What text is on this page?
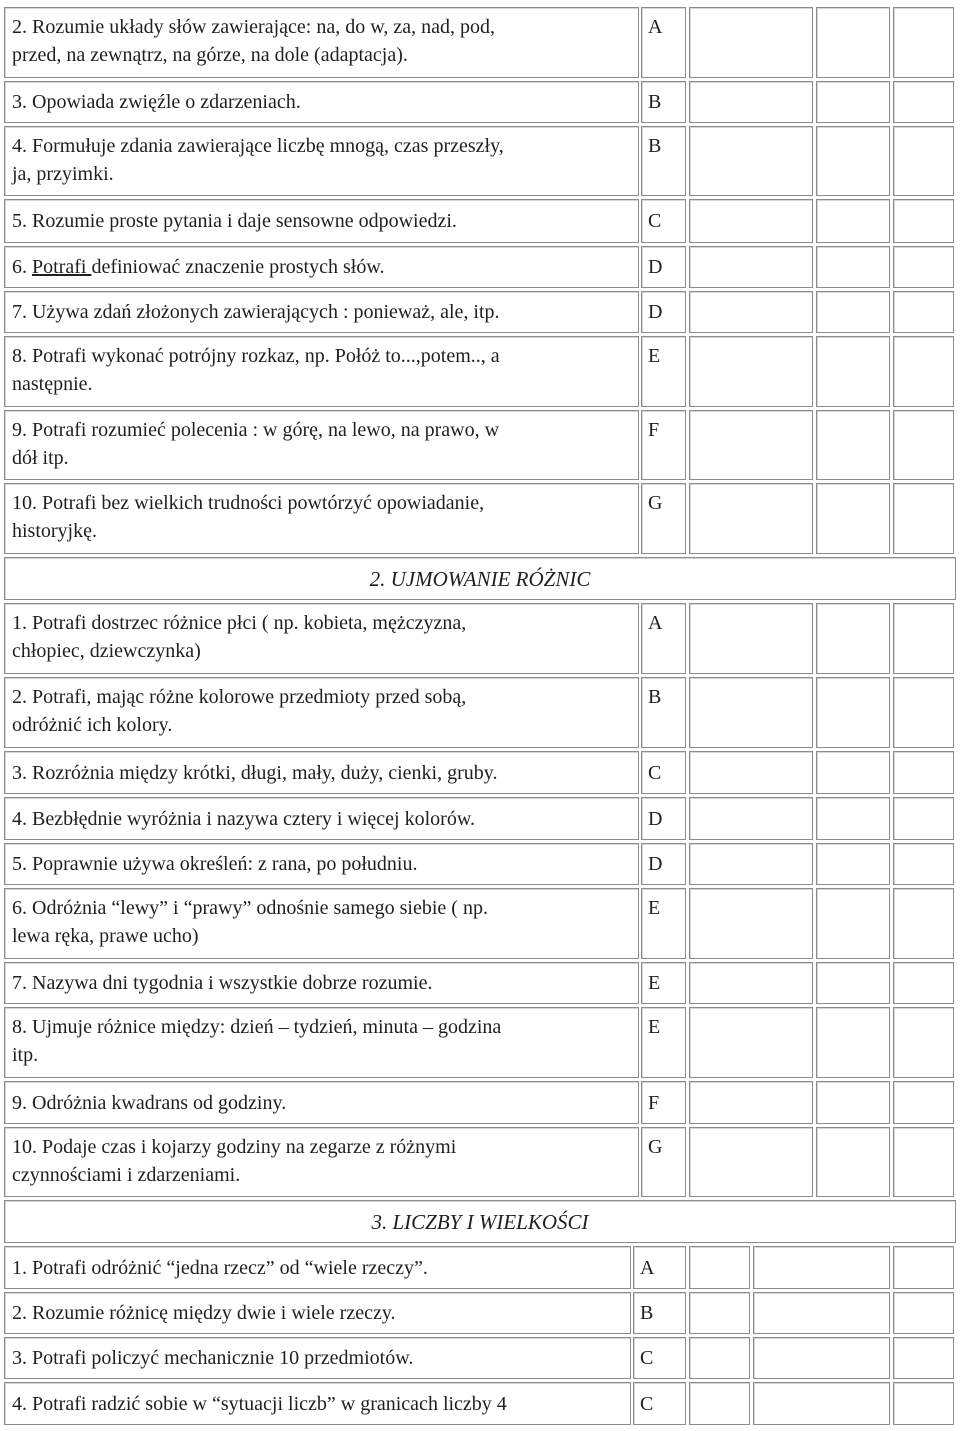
2. Rozumie układy słów zawierające: na, do w, za, nad, pod,
przed, na zewnątrz, na górze, na dole (adaptacja).
A
3. Opowiada zwięźle o zdarzeniach.	B
4. Formułuje zdania zawierające liczbę mnogą, czas przeszły,
ja, przyimki.
B
5. Rozumie proste pytania i daje sensowne odpowiedzi.	C
6. Potrafi definiować znaczenie prostych słów.	D
7. Używa zdań złożonych zawierających : ponieważ, ale, itp.	D
8. Potrafi wykonać potrójny rozkaz, np. Połóż to...,potem.., a
następnie.
E
9. Potrafi rozumieć polecenia : w górę, na lewo, na prawo, w
dół itp.
F
10. Potrafi bez wielkich trudności powtórzyć opowiadanie,
historyjkę.
G
2. UJMOWANIE RÓŻNIC
1. Potrafi dostrzec różnice płci ( np. kobieta, mężczyzna,
chłopiec, dziewczynka)
A
2. Potrafi, mając różne kolorowe przedmioty przed sobą,
odróżnić ich kolory.
B
3. Rozróżnia między krótki, długi, mały, duży, cienki, gruby.	C
4. Bezbłędnie wyróżnia i nazywa cztery i więcej kolorów.	D
5. Poprawnie używa określeń: z rana, po południu.	D
6. Odróżnia “lewy” i “prawy” odnośnie samego siebie ( np.
lewa ręka, prawe ucho)
E
7. Nazywa dni tygodnia i wszystkie dobrze rozumie.	E
8. Ujmuje różnice między: dzień – tydzień, minuta – godzina
itp.
E
9. Odróżnia kwadrans od godziny.	F
10. Podaje czas i kojarzy godziny na zegarze z różnymi
czynnościami i zdarzeniami.
G
3. LICZBY I WIELKOŚCI
1. Potrafi odróżnić “jedna rzecz” od “wiele rzeczy”.	A
2. Rozumie różnicę między dwie i wiele rzeczy.	B
3. Potrafi policzyć mechanicznie 10 przedmiotów.	C
4. Potrafi radzić sobie w “sytuacji liczb” w granicach liczby 4	C
